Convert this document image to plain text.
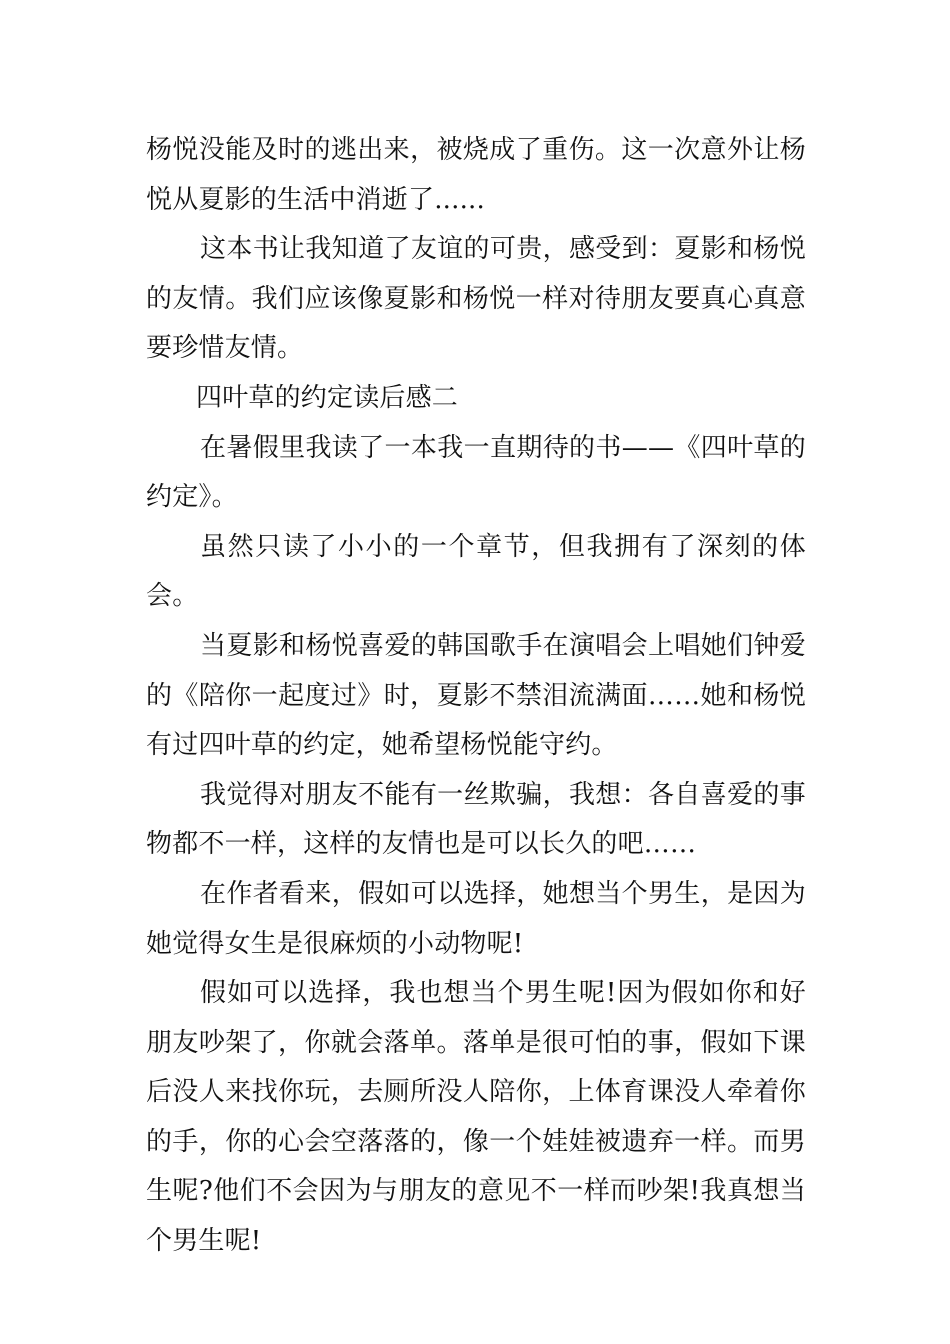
杨悦没能及时的逃出来，被烧成了重伤。这一次意外让杨悦从夏影的生活中消逝了......

这本书让我知道了友谊的可贵，感受到：夏影和杨悦的友情。我们应该像夏影和杨悦一样对待朋友要真心真意要珍惜友情。

四叶草的约定读后感二

在暑假里我读了一本我一直期待的书——《四叶草的约定》。

虽然只读了小小的一个章节，但我拥有了深刻的体会。

当夏影和杨悦喜爱的韩国歌手在演唱会上唱她们钟爱的《陪你一起度过》时，夏影不禁泪流满面……她和杨悦有过四叶草的约定，她希望杨悦能守约。

我觉得对朋友不能有一丝欺骗，我想：各自喜爱的事物都不一样，这样的友情也是可以长久的吧……

在作者看来，假如可以选择，她想当个男生，是因为她觉得女生是很麻烦的小动物呢!

假如可以选择，我也想当个男生呢!因为假如你和好朋友吵架了，你就会落单。落单是很可怕的事，假如下课后没人来找你玩，去厕所没人陪你，上体育课没人牵着你的手，你的心会空落落的，像一个娃娃被遗弃一样。而男生呢?他们不会因为与朋友的意见不一样而吵架!我真想当个男生呢!
